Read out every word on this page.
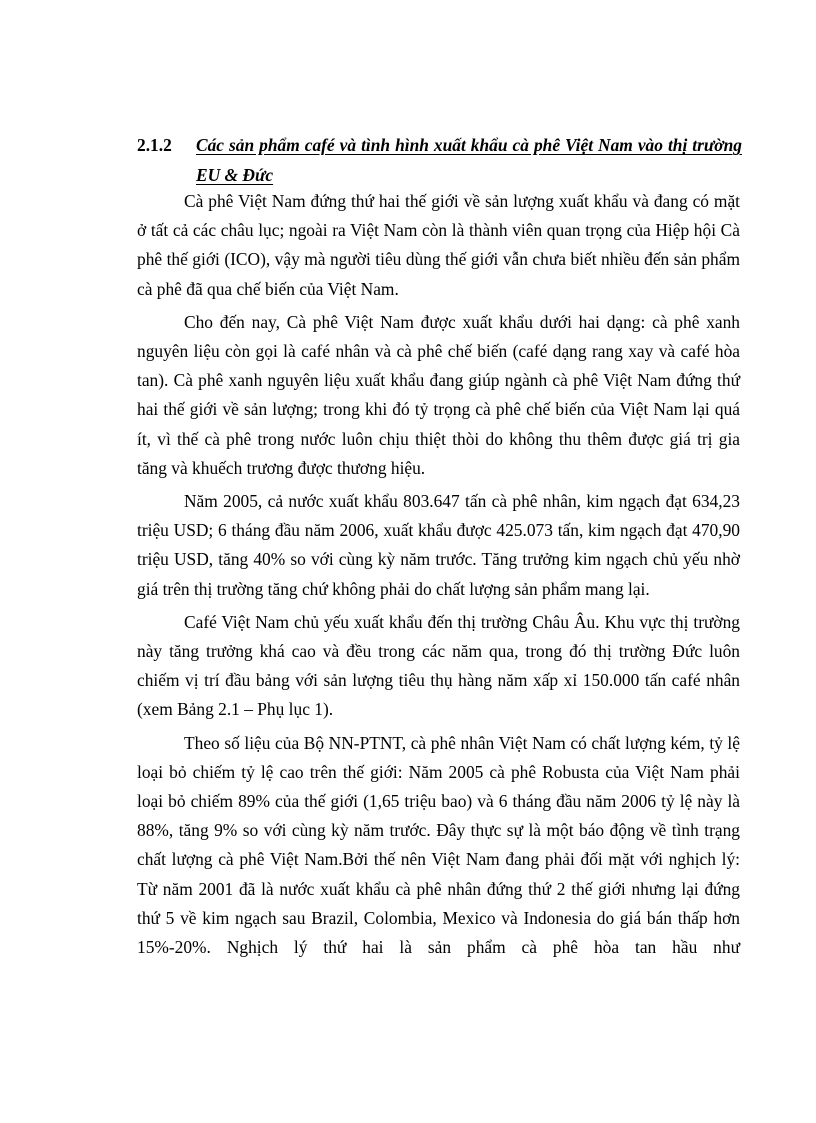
2.1.2 Các sản phẩm café và tình hình xuất khẩu cà phê Việt Nam vào thị trường EU & Đức

Cà phê Việt Nam đứng thứ hai thế giới về sản lượng xuất khẩu và đang có mặt ở tất cả các châu lục; ngoài ra Việt Nam còn là thành viên quan trọng của Hiệp hội Cà phê thế giới (ICO), vậy mà người tiêu dùng thế giới vẫn chưa biết nhiều đến sản phẩm cà phê đã qua chế biến của Việt Nam.

Cho đến nay, Cà phê Việt Nam được xuất khẩu dưới hai dạng: cà phê xanh nguyên liệu còn gọi là café nhân và cà phê chế biến (café dạng rang xay và café hòa tan). Cà phê xanh nguyên liệu xuất khẩu đang giúp ngành cà phê Việt Nam đứng thứ hai thế giới về sản lượng; trong khi đó tỷ trọng cà phê chế biến của Việt Nam lại quá ít, vì thế cà phê trong nước luôn chịu thiệt thòi do không thu thêm được giá trị gia tăng và khuếch trương được thương hiệu.

Năm 2005, cả nước xuất khẩu 803.647 tấn cà phê nhân, kim ngạch đạt 634,23 triệu USD; 6 tháng đầu năm 2006, xuất khẩu được 425.073 tấn, kim ngạch đạt 470,90 triệu USD, tăng 40% so với cùng kỳ năm trước. Tăng trưởng kim ngạch chủ yếu nhờ giá trên thị trường tăng chứ không phải do chất lượng sản phẩm mang lại.

Café Việt Nam chủ yếu xuất khẩu đến thị trường Châu Âu. Khu vực thị trường này tăng trưởng khá cao và đều trong các năm qua, trong đó thị trường Đức luôn chiếm vị trí đầu bảng với sản lượng tiêu thụ hàng năm xấp xỉ 150.000 tấn café nhân (xem Bảng 2.1 – Phụ lục 1).

Theo số liệu của Bộ NN-PTNT, cà phê nhân Việt Nam có chất lượng kém, tỷ lệ loại bỏ chiếm tỷ lệ cao trên thế giới: Năm 2005 cà phê Robusta của Việt Nam phải loại bỏ chiếm 89% của thế giới (1,65 triệu bao) và 6 tháng đầu năm 2006 tỷ lệ này là 88%, tăng 9% so với cùng kỳ năm trước. Đây thực sự là một báo động về tình trạng chất lượng cà phê Việt Nam.Bởi thế nên Việt Nam đang phải đối mặt với nghịch lý: Từ năm 2001 đã là nước xuất khẩu cà phê nhân đứng thứ 2 thế giới nhưng lại đứng thứ 5 về kim ngạch sau Brazil, Colombia, Mexico và Indonesia do giá bán thấp hơn 15%-20%. Nghịch lý thứ hai là sản phẩm cà phê hòa tan hầu như
